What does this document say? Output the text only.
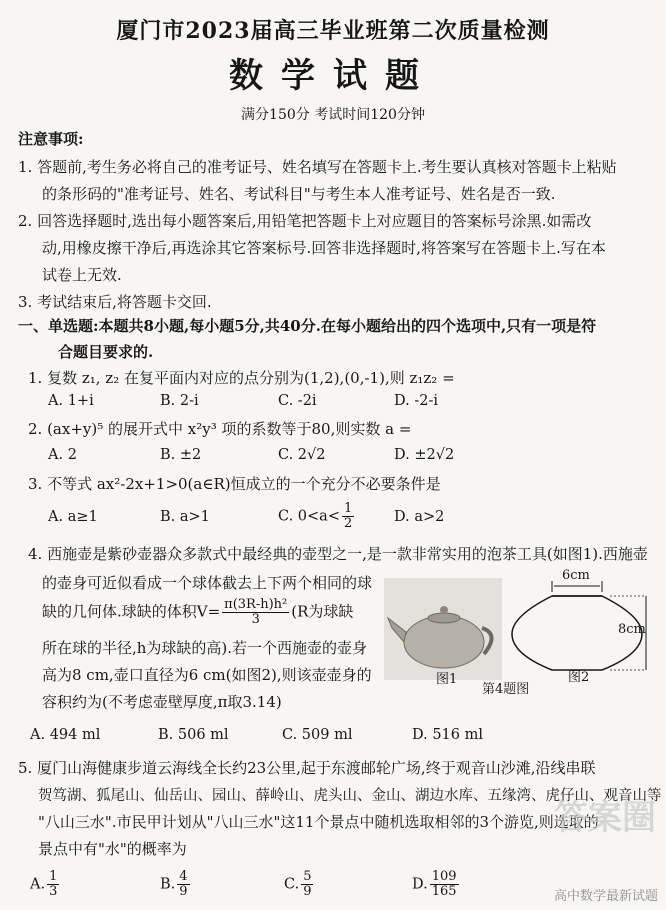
厦门市2023届高三毕业班第二次质量检测
数学试题
满分150分 考试时间120分钟
注意事项:
1. 答题前,考生务必将自己的准考证号、姓名填写在答题卡上.考生要认真核对答题卡上粘贴
的条形码的"准考证号、姓名、考试科目"与考生本人准考证号、姓名是否一致.
2. 回答选择题时,选出每小题答案后,用铅笔把答题卡上对应题目的答案标号涂黑.如需改
动,用橡皮擦干净后,再选涂其它答案标号.回答非选择题时,将答案写在答题卡上.写在本
试卷上无效.
3. 考试结束后,将答题卡交回.
一、单选题:本题共8小题,每小题5分,共40分.在每小题给出的四个选项中,只有一项是符
合题目要求的.
1. 复数 z₁, z₂ 在复平面内对应的点分别为(1,2),(0,-1),则 z₁z₂ =
A. 1+i	B. 2-i	C. -2i	D. -2-i
2. (ax+y)⁵ 的展开式中 x²y³ 项的系数等于80,则实数 a =
A. 2	B. ±2	C. 2√2	D. ±2√2
3. 不等式 ax²-2x+1>0(a∈R)恒成立的一个充分不必要条件是
A. a≥1	B. a>1	C. $0<a< \frac{1}{2}$	D. a>2
4. 西施壶是紫砂壶器众多款式中最经典的壶型之一,是一款非常实用的泡茶工具(如图1).西施壶
的壶身可近似看成一个球体截去上下两个相同的球
缺的几何体.球缺的体积$V= \frac{\text{π(3R-h)h²}}{3} (R$为球缺
所在球的半径,h为球缺的高).若一个西施壶的壶身
高为8 cm,壶口直径为6 cm(如图2),则该壶壶身的
容积约为(不考虑壶壁厚度,π取3.14)
A. 494 ml	B. 506 ml	C. 509 ml	D. 516 ml
6cm
8cm
图1	图2
第4题图
5. 厦门山海健康步道云海线全长约23公里,起于东渡邮轮广场,终于观音山沙滩,沿线串联
贺笃湖、狐尾山、仙岳山、园山、薛岭山、虎头山、金山、湖边水库、五缘湾、虎仔山、观音山等
"八山三水".市民甲计划从"八山三水"这11个景点中随机选取相邻的3个游览,则选取的
景点中有"水"的概率为
A. $\frac{1}{3}$	B. $\frac{4}{9}$	C. $\frac{5}{9}$	D. $\frac{109}{165}$
答案圈
高中数学最新试题
